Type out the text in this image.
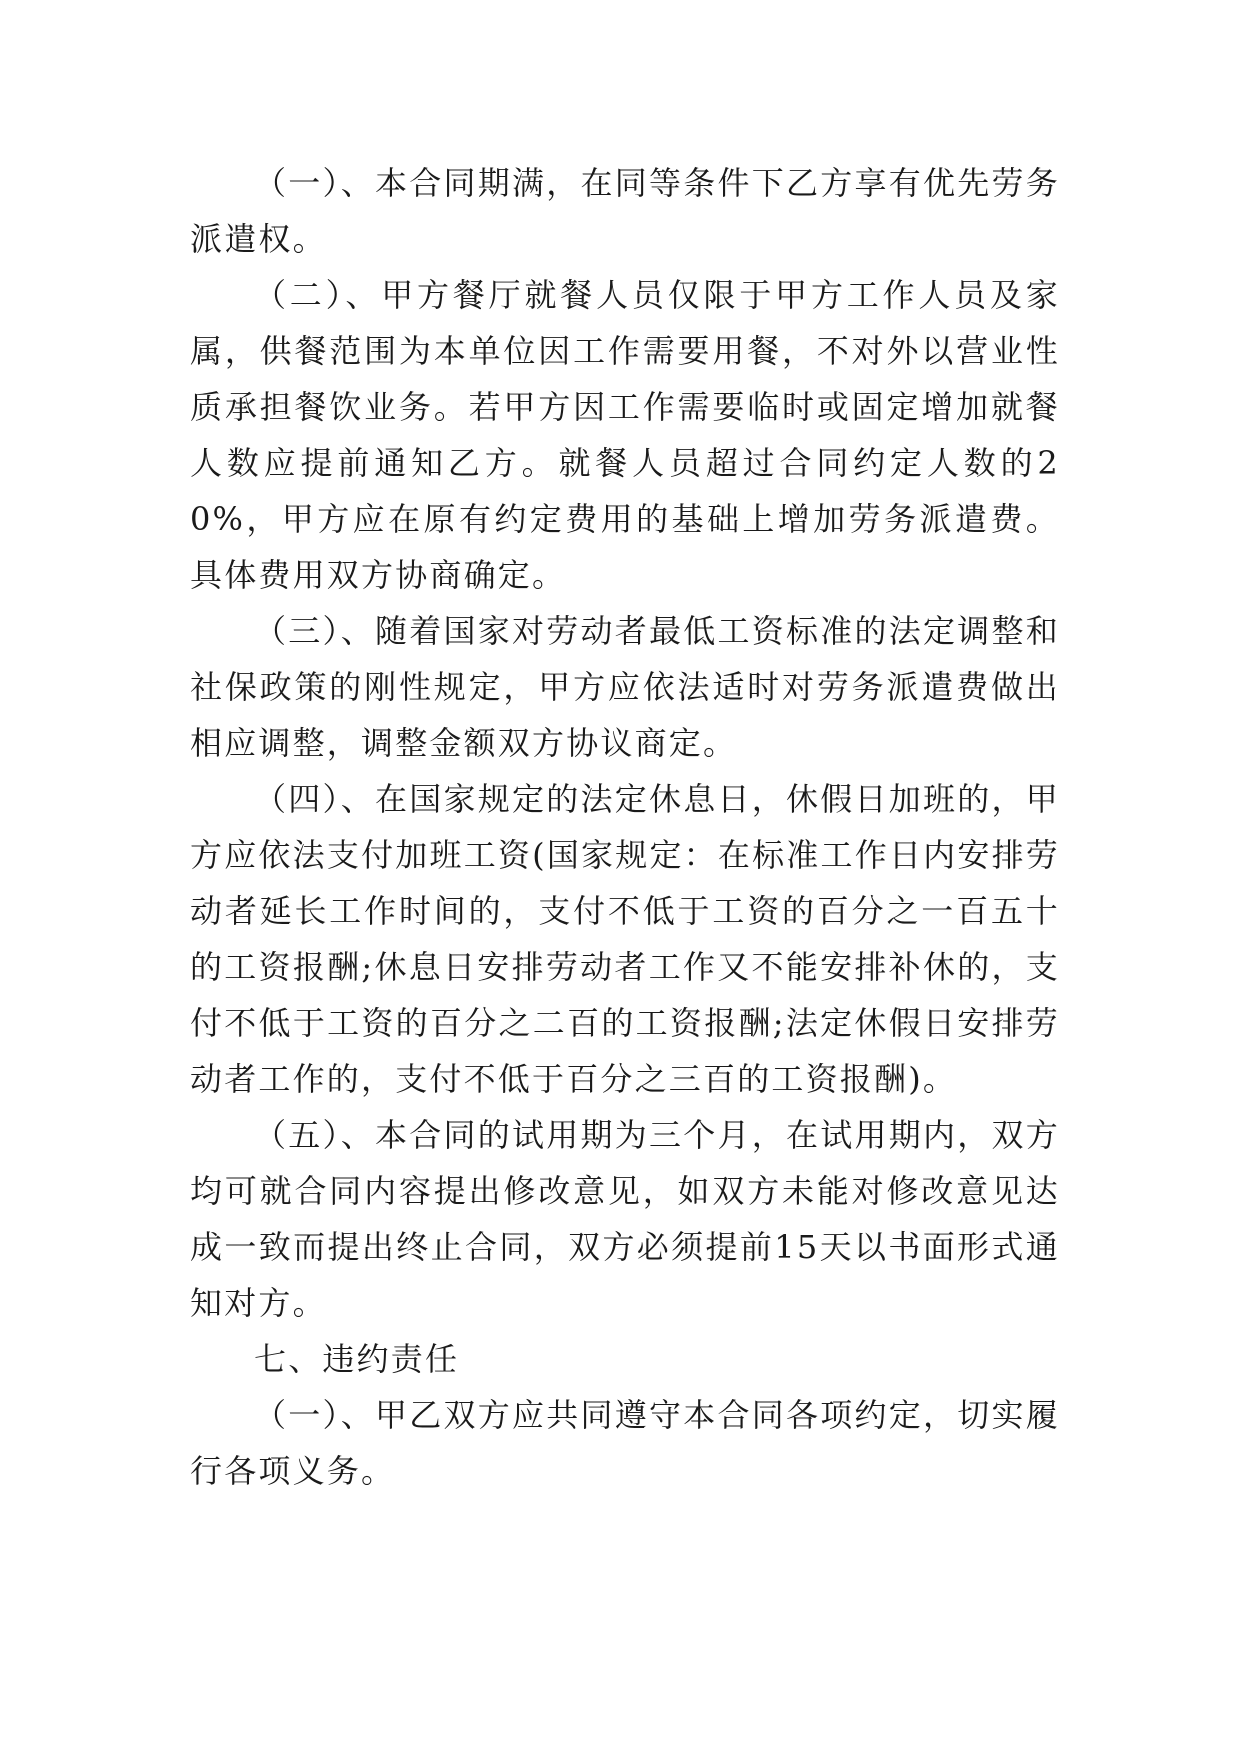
（一）、本合同期满，在同等条件下乙方享有优先劳务派遣权。

（二）、甲方餐厅就餐人员仅限于甲方工作人员及家属，供餐范围为本单位因工作需要用餐，不对外以营业性质承担餐饮业务。若甲方因工作需要临时或固定增加就餐人数应提前通知乙方。就餐人员超过合同约定人数的20%，甲方应在原有约定费用的基础上增加劳务派遣费。具体费用双方协商确定。

（三）、随着国家对劳动者最低工资标准的法定调整和社保政策的刚性规定，甲方应依法适时对劳务派遣费做出相应调整，调整金额双方协议商定。

（四）、在国家规定的法定休息日，休假日加班的，甲方应依法支付加班工资(国家规定：在标准工作日内安排劳动者延长工作时间的，支付不低于工资的百分之一百五十的工资报酬;休息日安排劳动者工作又不能安排补休的，支付不低于工资的百分之二百的工资报酬;法定休假日安排劳动者工作的，支付不低于百分之三百的工资报酬)。

（五）、本合同的试用期为三个月，在试用期内，双方均可就合同内容提出修改意见，如双方未能对修改意见达成一致而提出终止合同，双方必须提前15天以书面形式通知对方。

七、违约责任

（一）、甲乙双方应共同遵守本合同各项约定，切实履行各项义务。
